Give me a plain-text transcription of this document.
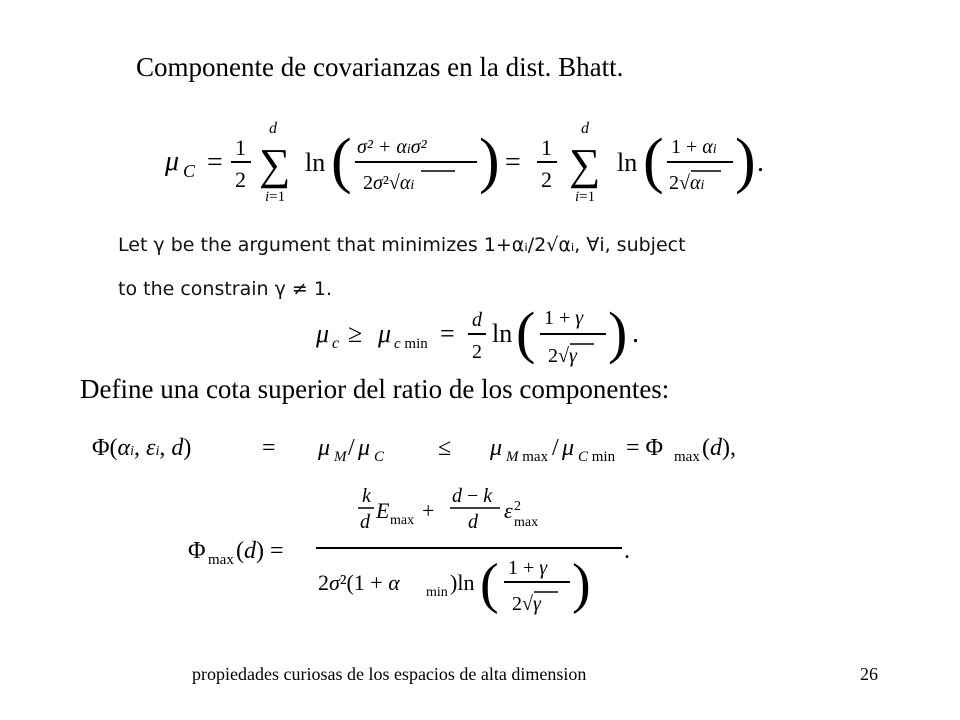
Componente de covarianzas en la dist. Bhatt.
μ C = 1
2
d
∑
i=1
ln ( σ² + αiσ²
2σ²√αi ) = 1
2
d
∑
i=1
ln ( 1 + αi
2√αi ) .
Let γ be the argument that minimizes 1+αᵢ/2√αᵢ, ∀i, subject
to the constrain γ ≠ 1.
μ c ≥ μ c min = d
2
ln ( 1 + γ
2√γ ) .
Define una cota superior del ratio de los componentes:
Φ(αi, εi, d)	= μ M / μ C ≤ μ M max / μ C min = Φ max (d),
Φ max (d) =
k
d E max +
d − k
d ε 2
max
.
2σ²(1 + α min )ln ( 1 + γ
2√γ )
propiedades curiosas de los espacios de alta dimension	26
